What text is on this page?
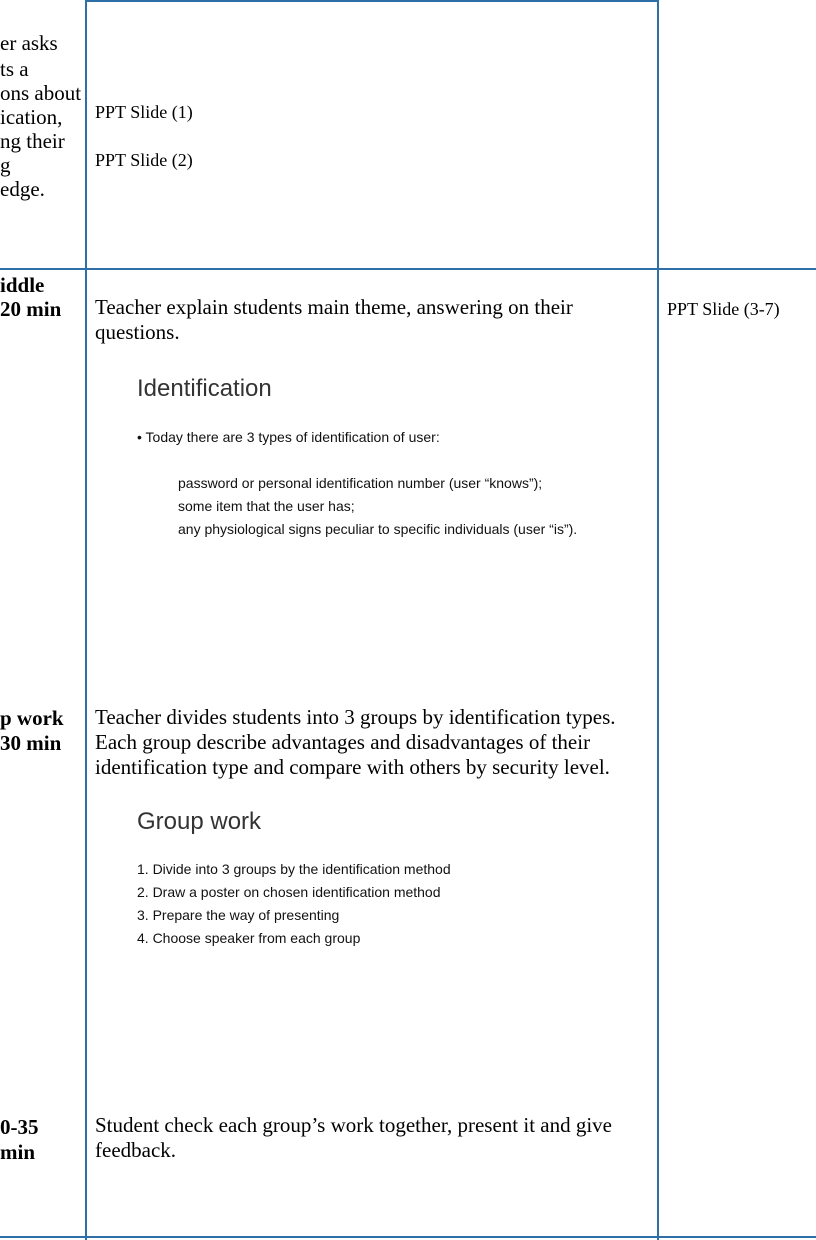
er asks
ts a
ons about
ication,
ng their
g
edge.
iddle
20 min
p work
30 min
0-35
min
PPT Slide (1)
PPT Slide (2)
Teacher explain students main theme, answering on their questions.
Identification
• Today there are 3 types of identification of user:
password or personal identification number (user “knows”);
some item that the user has;
any physiological signs peculiar to specific individuals (user “is”).
Teacher divides students into 3 groups by identification types. Each group describe advantages and disadvantages of their identification type and compare with others by security level.
Group work
1. Divide into 3 groups by the identification method
2. Draw a poster on chosen identification method
3. Prepare the way of presenting
4. Choose speaker from each group
Student check each group’s work together, present it and give feedback.
PPT Slide (3-7)
